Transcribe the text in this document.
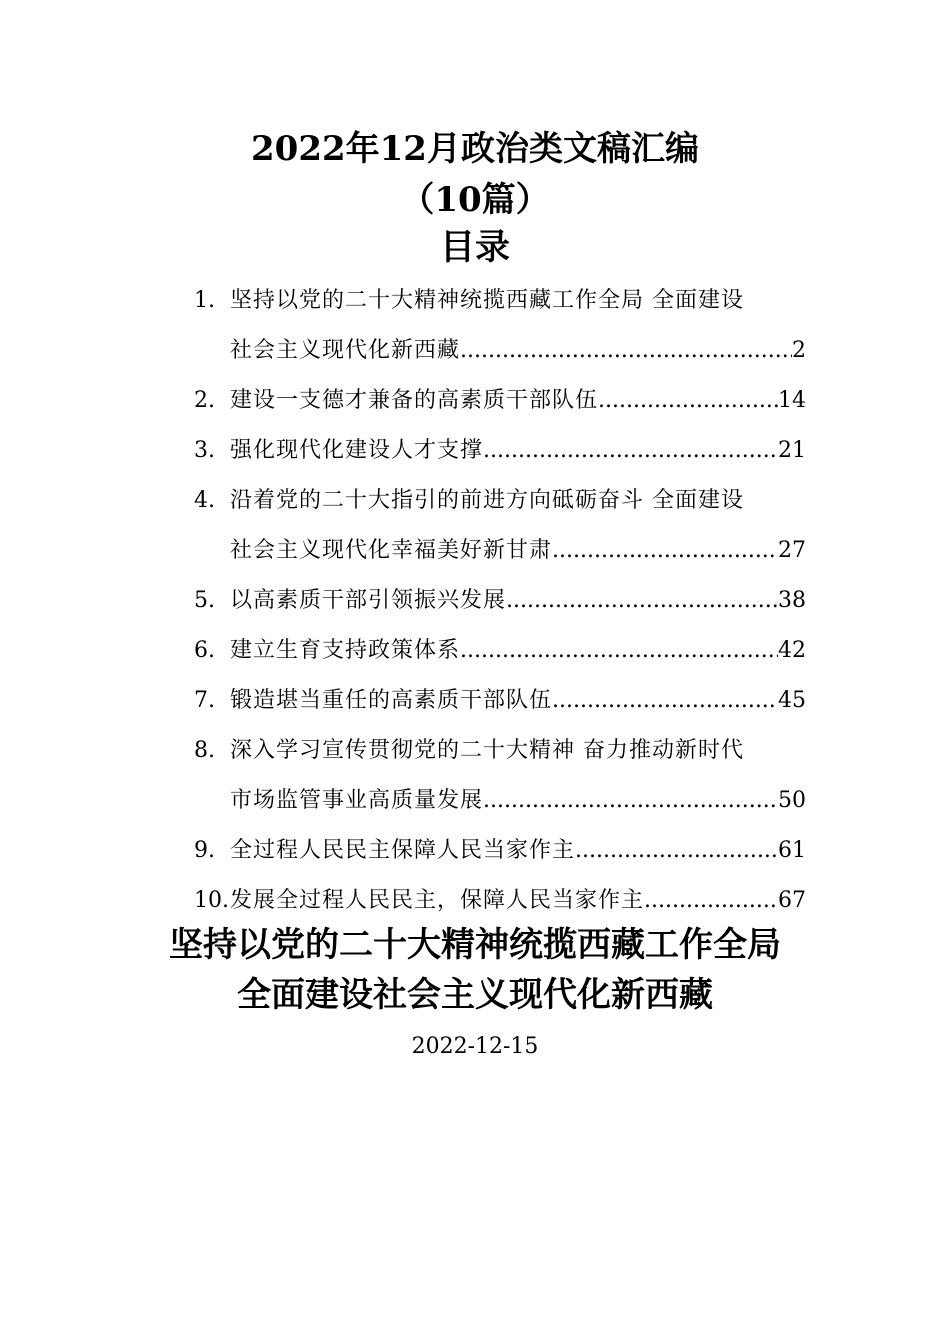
2022年12月政治类文稿汇编
（10篇）
目录
1. 坚持以党的二十大精神统揽西藏工作全局 全面建设
社会主义现代化新西藏 .....	2
2. 建设一支德才兼备的高素质干部队伍 .....	14
3. 强化现代化建设人才支撑 .....	21
4. 沿着党的二十大指引的前进方向砥砺奋斗 全面建设
社会主义现代化幸福美好新甘肃 .....	27
5. 以高素质干部引领振兴发展 .....	38
6. 建立生育支持政策体系 .....	42
7. 锻造堪当重任的高素质干部队伍 .....	45
8. 深入学习宣传贯彻党的二十大精神 奋力推动新时代
市场监管事业高质量发展 .....	50
9. 全过程人民民主保障人民当家作主 .....	61
10. 发展全过程人民民主，保障人民当家作主 .....	67
坚持以党的二十大精神统揽西藏工作全局
全面建设社会主义现代化新西藏
2022-12-15
